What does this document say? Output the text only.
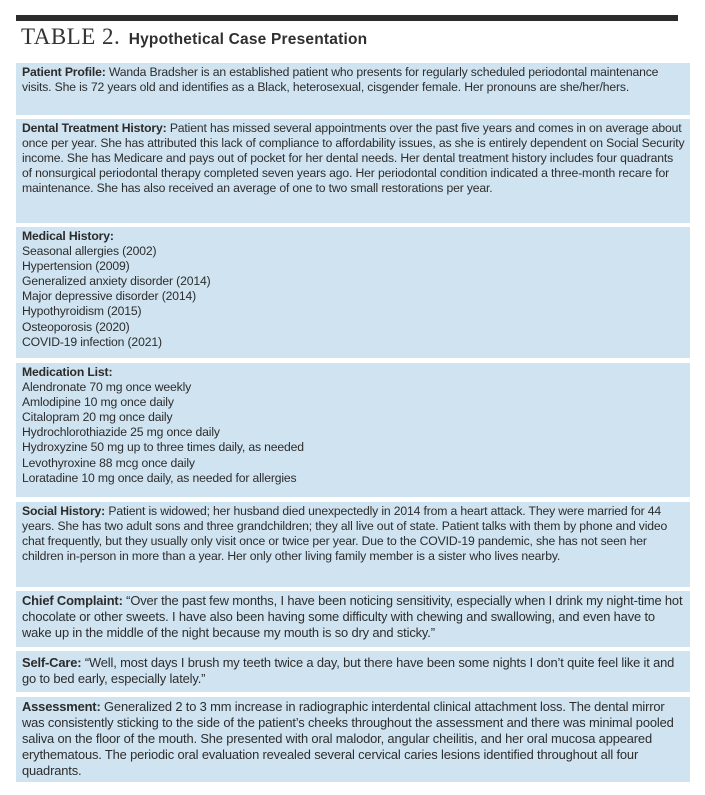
TABLE 2. Hypothetical Case Presentation
Patient Profile: Wanda Bradsher is an established patient who presents for regularly scheduled periodontal maintenance visits. She is 72 years old and identifies as a Black, heterosexual, cisgender female. Her pronouns are she/her/hers.
Dental Treatment History: Patient has missed several appointments over the past five years and comes in on average about once per year. She has attributed this lack of compliance to affordability issues, as she is entirely dependent on Social Security income. She has Medicare and pays out of pocket for her dental needs. Her dental treatment history includes four quadrants of nonsurgical periodontal therapy completed seven years ago. Her periodontal condition indicated a three-month recare for maintenance. She has also received an average of one to two small restorations per year.
Medical History:
Seasonal allergies (2002)
Hypertension (2009)
Generalized anxiety disorder (2014)
Major depressive disorder (2014)
Hypothyroidism (2015)
Osteoporosis (2020)
COVID-19 infection (2021)
Medication List:
Alendronate 70 mg once weekly
Amlodipine 10 mg once daily
Citalopram 20 mg once daily
Hydrochlorothiazide 25 mg once daily
Hydroxyzine 50 mg up to three times daily, as needed
Levothyroxine 88 mcg once daily
Loratadine 10 mg once daily, as needed for allergies
Social History: Patient is widowed; her husband died unexpectedly in 2014 from a heart attack. They were married for 44 years. She has two adult sons and three grandchildren; they all live out of state. Patient talks with them by phone and video chat frequently, but they usually only visit once or twice per year. Due to the COVID-19 pandemic, she has not seen her children in-person in more than a year. Her only other living family member is a sister who lives nearby.
Chief Complaint: “Over the past few months, I have been noticing sensitivity, especially when I drink my night-time hot chocolate or other sweets. I have also been having some difficulty with chewing and swallowing, and even have to wake up in the middle of the night because my mouth is so dry and sticky.”
Self-Care: “Well, most days I brush my teeth twice a day, but there have been some nights I don’t quite feel like it and go to bed early, especially lately.”
Assessment: Generalized 2 to 3 mm increase in radiographic interdental clinical attachment loss. The dental mirror was consistently sticking to the side of the patient’s cheeks throughout the assessment and there was minimal pooled saliva on the floor of the mouth. She presented with oral malodor, angular cheilitis, and her oral mucosa appeared erythematous. The periodic oral evaluation revealed several cervical caries lesions identified throughout all four quadrants.
